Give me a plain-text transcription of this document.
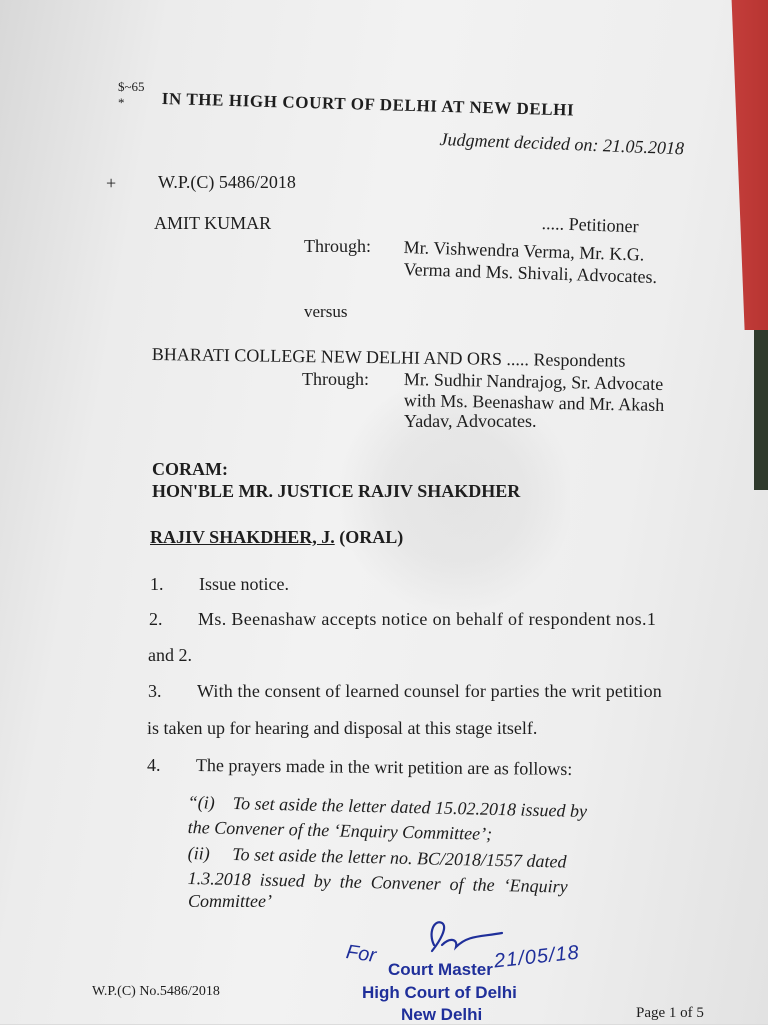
$~65
* IN THE HIGH COURT OF DELHI AT NEW DELHI
Judgment decided on: 21.05.2018
+ W.P.(C) 5486/2018
AMIT KUMAR	..... Petitioner
Through: Mr. Vishwendra Verma, Mr. K.G.
Verma and Ms. Shivali, Advocates.
versus
BHARATI COLLEGE NEW DELHI AND ORS ..... Respondents
Through: Mr. Sudhir Nandrajog, Sr. Advocate
with Ms. Beenashaw and Mr. Akash
Yadav, Advocates.
CORAM:
HON'BLE MR. JUSTICE RAJIV SHAKDHER
RAJIV SHAKDHER, J. (ORAL)
1. Issue notice.
2. Ms. Beenashaw accepts notice on behalf of respondent nos.1
and 2.
3. With the consent of learned counsel for parties the writ petition
is taken up for hearing and disposal at this stage itself.
4. The prayers made in the writ petition are as follows:
“(i)    To set aside the letter dated 15.02.2018 issued by
the Convener of the ‘Enquiry Committee’;
(ii)     To set aside the letter no. BC/2018/1557 dated
1.3.2018  issued  by  the  Convener  of  the  ‘Enquiry
Committee’
For
Court Master 21/05/18
High Court of Delhi
New Delhi
W.P.(C) No.5486/2018
Page 1 of 5
